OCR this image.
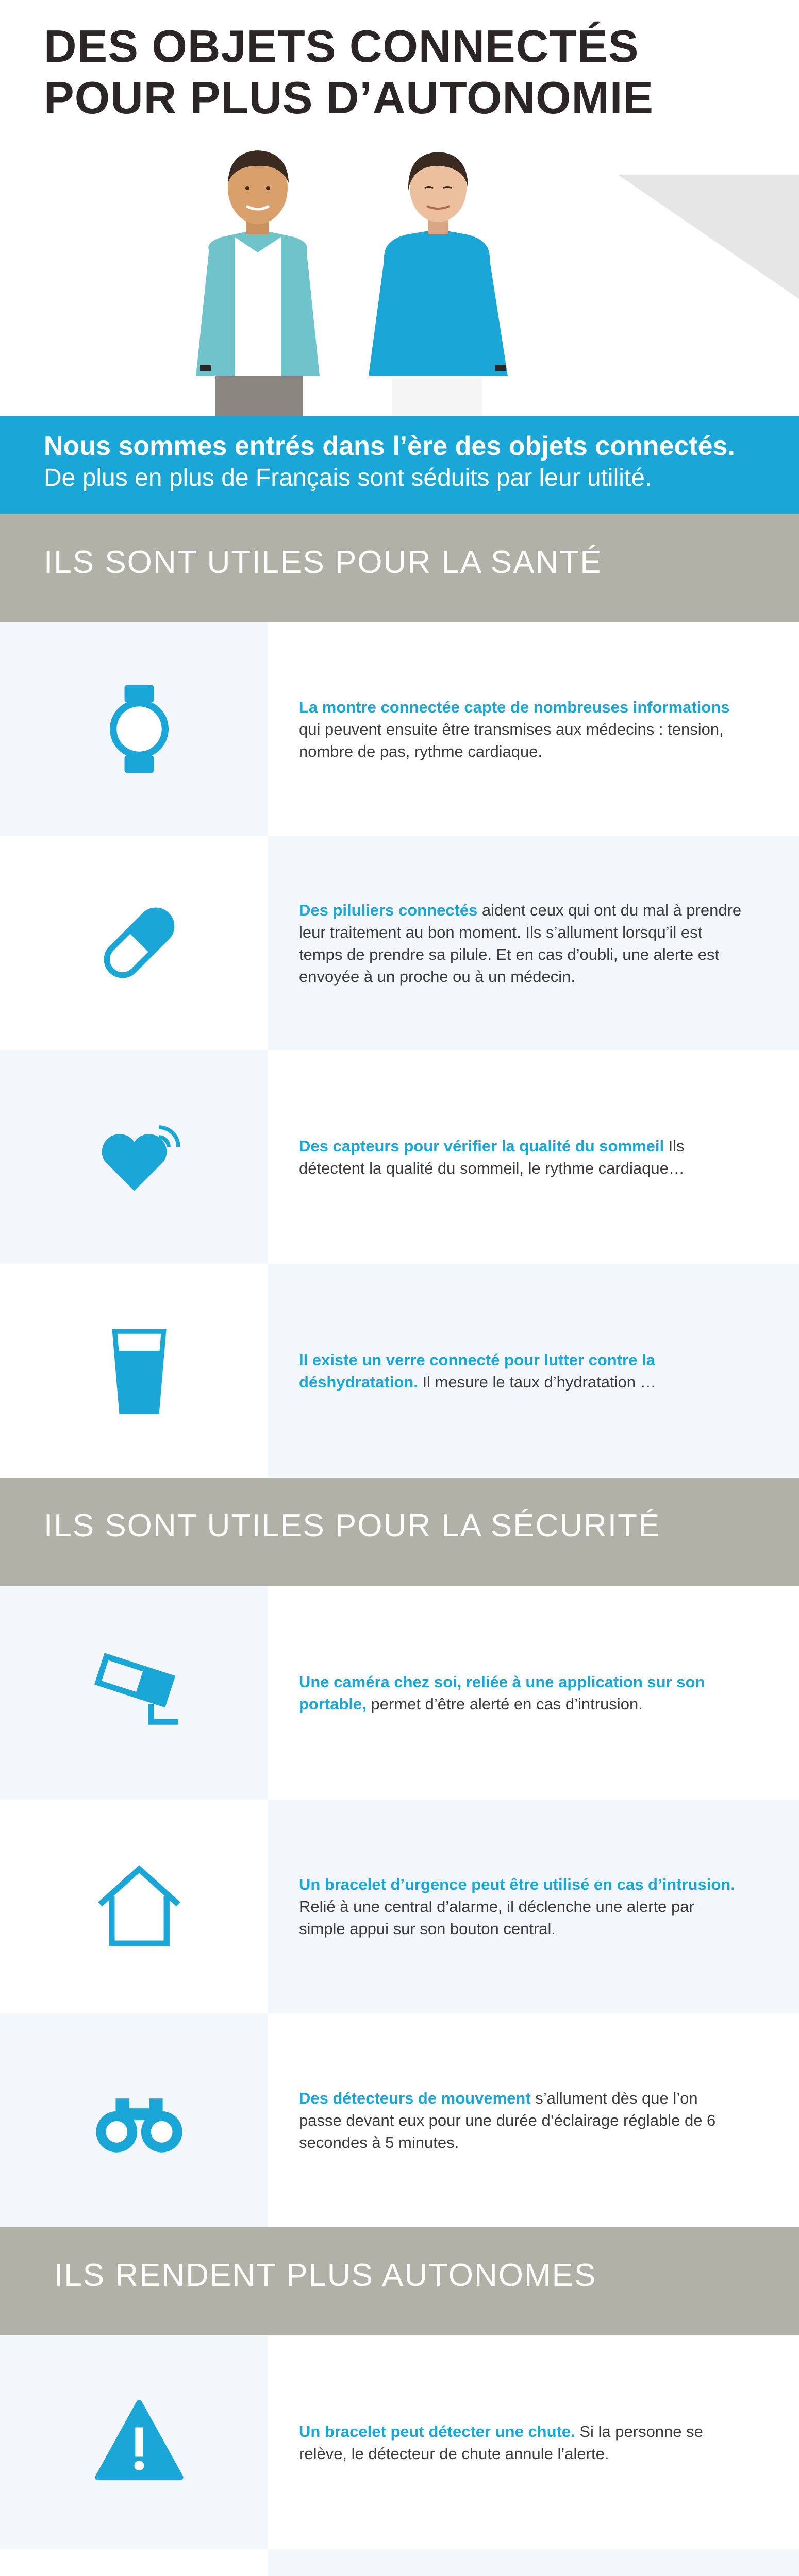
DES OBJETS CONNECTÉS
POUR PLUS D’AUTONOMIE
Nous sommes entrés dans l’ère des objets connectés.
De plus en plus de Français sont séduits par leur utilité.
ILS SONT UTILES POUR LA SANTÉ
La montre connectée capte de nombreuses informations qui peuvent ensuite être transmises aux médecins : tension, nombre de pas, rythme cardiaque.
Des piluliers connectés aident ceux qui ont du mal à prendre leur traitement au bon moment. Ils s’allument lorsqu’il est temps de prendre sa pilule. Et en cas d’oubli, une alerte est envoyée à un proche ou à un médecin.
Des capteurs pour vérifier la qualité du sommeil Ils détectent la qualité du sommeil, le rythme cardiaque…
Il existe un verre connecté pour lutter contre la déshydratation. Il mesure le taux d’hydratation …
ILS SONT UTILES POUR LA SÉCURITÉ
Une caméra chez soi, reliée à une application sur son portable, permet d’être alerté en cas d’intrusion.
Un bracelet d’urgence peut être utilisé en cas d’intrusion. Relié à une central d’alarme, il déclenche une alerte par simple appui sur son bouton central.
Des détecteurs de mouvement s’allument dès que l’on passe devant eux pour une durée d’éclairage réglable de 6 secondes à 5 minutes.
ILS RENDENT PLUS AUTONOMES
Un bracelet peut détecter une chute. Si la personne se relève, le détecteur de chute annule l’alerte.
